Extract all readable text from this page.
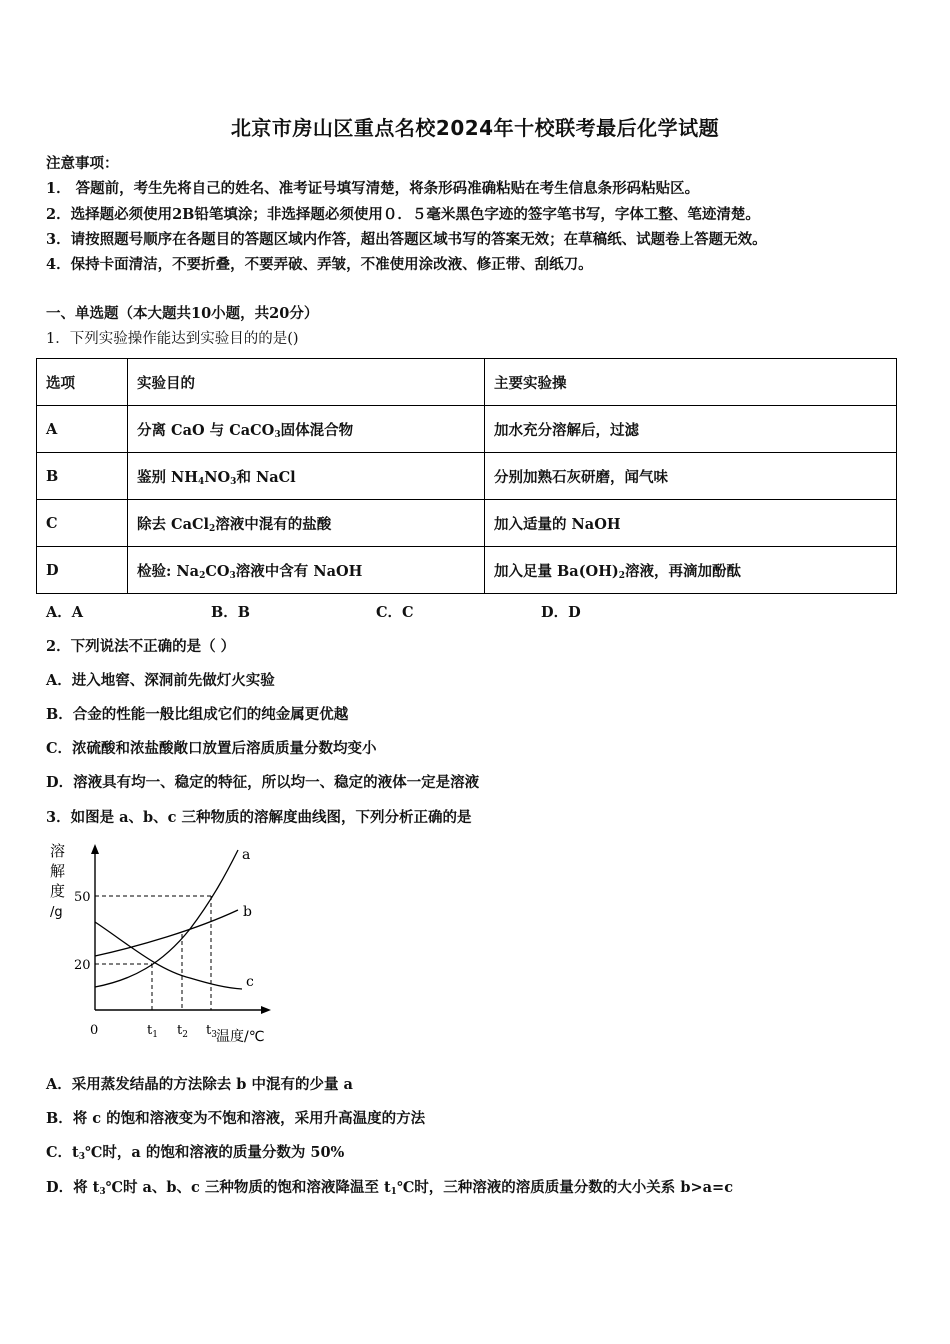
北京市房山区重点名校2024年十校联考最后化学试题
注意事项：
1． 答题前，考生先将自己的姓名、准考证号填写清楚，将条形码准确粘贴在考生信息条形码粘贴区。
2．选择题必须使用2B铅笔填涂；非选择题必须使用０．５毫米黑色字迹的签字笔书写，字体工整、笔迹清楚。
3．请按照题号顺序在各题目的答题区域内作答，超出答题区域书写的答案无效；在草稿纸、试题卷上答题无效。
4．保持卡面清洁，不要折叠，不要弄破、弄皱，不准使用涂改液、修正带、刮纸刀。
一、单选题（本大题共10小题，共20分）
1．下列实验操作能达到实验目的的是()
选项	实验目的	主要实验操
A	分离 CaO 与 CaCO$_3$固体混合物	加水充分溶解后，过滤
B	鉴别 $NH_4NO_3$和 NaCl	分别加熟石灰研磨，闻气味
C	除去 CaCl$_2$溶液中混有的盐酸	加入适量的 NaOH
D	检验: $Na_2CO_3$溶液中含有 NaOH	加入足量 $Ba(OH)_2$溶液，再滴加酚酞
A．A	B．B	C．C	D．D
2．下列说法不正确的是（ ）
A．进入地窖、深洞前先做灯火实验
B．合金的性能一般比组成它们的纯金属更优越
C．浓硫酸和浓盐酸敞口放置后溶质质量分数均变小
D．溶液具有均一、稳定的特征，所以均一、稳定的液体一定是溶液
3．如图是 a、b、c 三种物质的溶解度曲线图，下列分析正确的是
溶
解
度
/g
50
20
0	$t_1$ $t_2$ $t_3$ 温度/℃
a
b
c
A．采用蒸发结晶的方法除去 b 中混有的少量 a
B．将 c 的饱和溶液变为不饱和溶液，采用升高温度的方法
C．$t_3℃$时，a 的饱和溶液的质量分数为 50%
D．将 $t_3℃$时 a、b、c 三种物质的饱和溶液降温至 $t_1℃$时，三种溶液的溶质质量分数的大小关系 b>a=c
